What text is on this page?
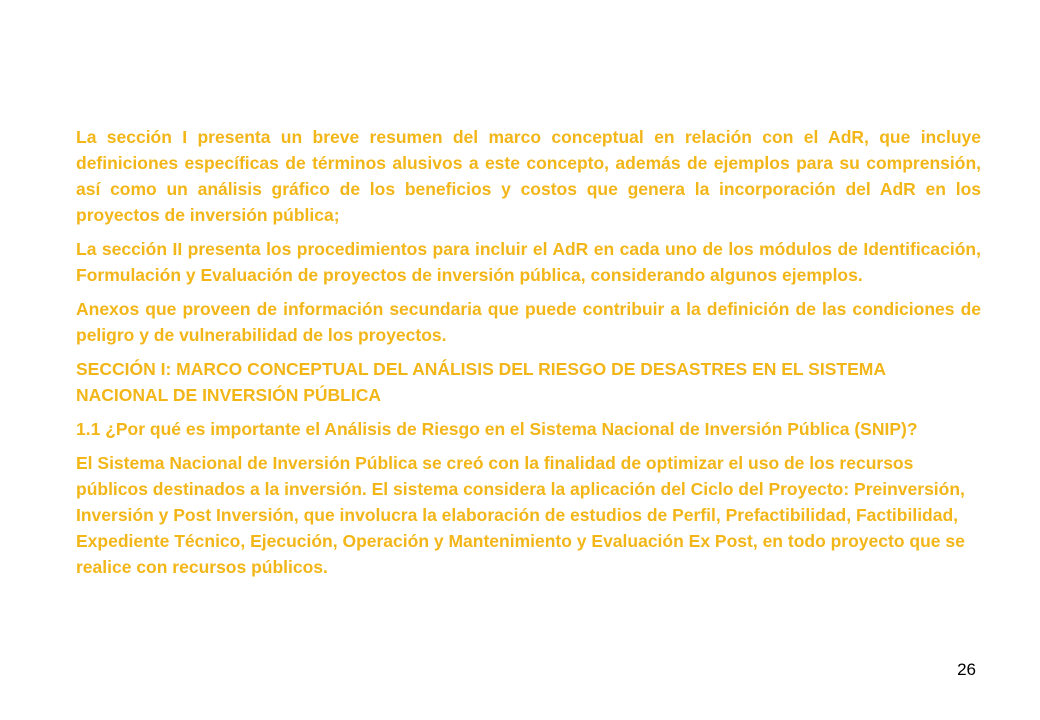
La sección I presenta un breve resumen del marco conceptual en relación con el AdR, que incluye definiciones específicas de términos alusivos a este concepto, además de ejemplos para su comprensión, así como un análisis gráfico de los beneficios y costos que genera la incorporación del AdR en los proyectos de inversión pública;

La sección II presenta los procedimientos para incluir el AdR en cada uno de los módulos de Identificación, Formulación y Evaluación de proyectos de inversión pública, considerando algunos ejemplos.

Anexos que proveen de información secundaria que puede contribuir a la definición de las condiciones de peligro y de vulnerabilidad de los proyectos.

SECCIÓN I: MARCO CONCEPTUAL DEL ANÁLISIS DEL RIESGO DE DESASTRES EN EL SISTEMA NACIONAL DE INVERSIÓN PÚBLICA

1.1 ¿Por qué es importante el Análisis de Riesgo en el Sistema Nacional de Inversión Pública (SNIP)?

El Sistema Nacional de Inversión Pública se creó con la finalidad de optimizar el uso de los recursos públicos destinados a la inversión. El sistema considera la aplicación del Ciclo del Proyecto: Preinversión, Inversión y Post Inversión, que involucra la elaboración de estudios de Perfil, Prefactibilidad, Factibilidad, Expediente Técnico, Ejecución, Operación y Mantenimiento y Evaluación Ex Post, en todo proyecto que se realice con recursos públicos.

26
